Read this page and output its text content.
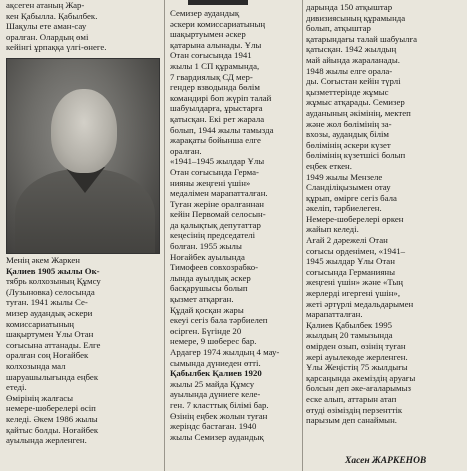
ақсеген атаның Жар-

кен Қабылла. Қабылбек.

Шақулы ете аман-сау

оралған. Олардың өмі

кейінгі ұрпаққа үлгі-өнеге.

Менің әкем Жаркен

Қалиев 1905 жылы Ок-

тябрь колхозының Құмсу

(Лузыновка) селосында

туған. 1941 жылы Се-

мизер аудандық әскери

комиссариатының

шақыртумен Ұлы Отан

соғысына аттанады. Елге

оралған соң Ноғайбек

колхозында мал

шаруашылығында еңбек

етеді.

Өмірінің жалғасы

немере-шөберелері өсіп

келеді. Әкем 1986 жылы

қайтыс болды. Ноғайбек

ауылында жерленген.

Семизер аудандық

әскери комиссариатының

шақыртуымен әскер

қатарына алынады. Ұлы

Отан соғысында 1941

жылы 1 СП құрамында,

7 гвардиялық СД мер-

гендер взводында бөлім

командирі боп жүріп талай

шабуылдарға, ұрыстарға

қатысқан. Екі рет жарала

болып, 1944 жылы тамызда

жарақаты бойынша елге

оралған.

«1941–1945 жылдар Ұлы

Отан соғысында Герма-

нияны жеңгені үшін»

медалімен марапатталған.

Туған жеріне оралғаннан

кейін Первомай селосын-

да қалықтық депутаттар

кеңесінің председателі

болған. 1955 жылы

Ноғайбек ауылында

Тимофеев совхозрабко-

лында ауылдық әскер

басқарушысы болып

қызмет атқарған.

Құдай қосқан жары

екеуі сегіз бала тәрбиелеп

өсірген. Бүгінде 20

немере, 9 шөберес бар.

Ардагер 1974 жылдың 4 мау-

сымында дүниеден өтті.

Қабылбек Қалиев 1920

жылы 25 майда Құмсу

ауылында дүниеге келе-

ген. 7 класттық білімі бар.

Өзінің еңбек жолын туған

жеріндс бастаған. 1940

жылы Семизер аудандық

дарында 150 атқыштар

дивизиясының құрамында

болып, атқыштар

қатарындағы талай шабуылға

қатысқан. 1942 жылдың

май айында жараланады.

1948 жылы елге орала-

ды. Соғыстан кейін түрлі

қызметтерінде жұмыс

жұмыс атқарады. Семизер

ауданының әкімінің, мектеп

және жол бөлімінің за-

вхозы, аудандық білім

бөлімінің әскери күзет

бөлімінің күзетшісі болып

еңбек еткен.

1949 жылы Мензеле

Сланділіқызымен отау

құрып, өмірге сегіз бала

әкеліп, тәрбиелеген.

Немере-шөберелері өркен

жайып келеді.

Ағай 2 дәрежелі Отан

соғысы орденімен, «1941–

1945 жылдар Ұлы Отан

соғысында Германияны

жеңгені үшін» және «Тың

жерлерді игергені үшін»,

жеті әртүрлі медальдарымен

марапатталған.

Қалиев Қабылбек 1995

жылдың 20 тамызында

өмірден озып, өзінің туған

жері ауылекөде жерленген.

Ұлы Жеңістің 75 жылдығы

қарсаңында әкеміздің аруағы

болсын деп әке-ағаларымыз

еске алып, аттарын атап

өтуді өзіміздің перзенттік

парызым деп санаймын.

Хасен ЖАРКЕНОВ
